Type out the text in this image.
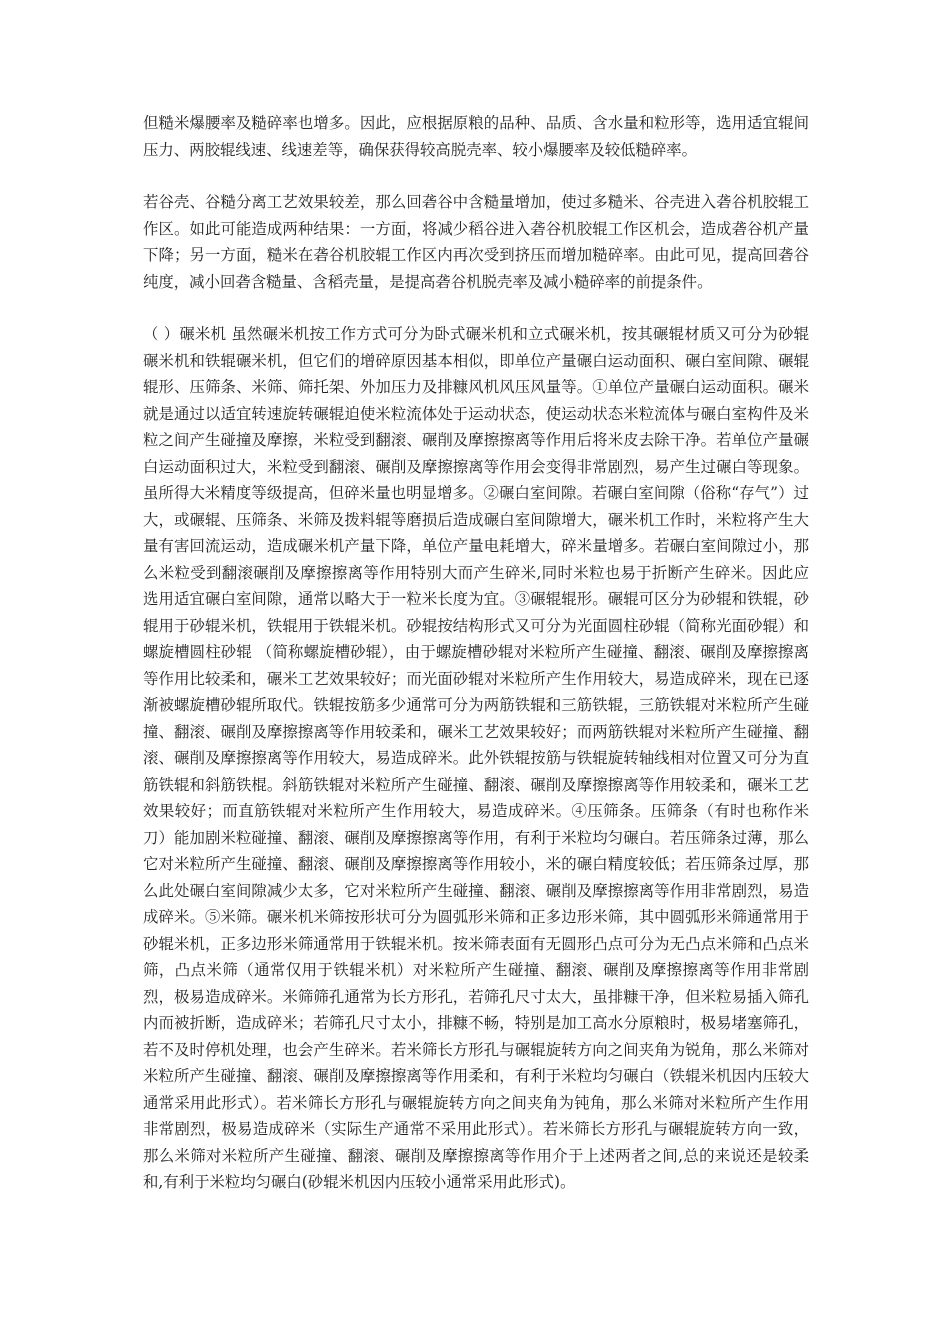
但糙米爆腰率及糙碎率也增多。因此，应根据原粮的品种、品质、含水量和粒形等，选用适宜辊间压力、两胶辊线速、线速差等，确保获得较高脱壳率、较小爆腰率及较低糙碎率。

若谷壳、谷糙分离工艺效果较差，那么回砻谷中含糙量增加，使过多糙米、谷壳进入砻谷机胶辊工作区。如此可能造成两种结果：一方面，将减少稻谷进入砻谷机胶辊工作区机会，造成砻谷机产量下降；另一方面，糙米在砻谷机胶辊工作区内再次受到挤压而增加糙碎率。由此可见，提高回砻谷纯度，减小回砻含糙量、含稻壳量，是提高砻谷机脱壳率及减小糙碎率的前提条件。

（ ）碾米机 虽然碾米机按工作方式可分为卧式碾米机和立式碾米机，按其碾辊材质又可分为砂辊碾米机和铁辊碾米机，但它们的增碎原因基本相似，即单位产量碾白运动面积、碾白室间隙、碾辊辊形、压筛条、米筛、筛托架、外加压力及排糠风机风压风量等。①单位产量碾白运动面积。碾米就是通过以适宜转速旋转碾辊迫使米粒流体处于运动状态，使运动状态米粒流体与碾白室构件及米粒之间产生碰撞及摩擦，米粒受到翻滚、碾削及摩擦擦离等作用后将米皮去除干净。若单位产量碾白运动面积过大，米粒受到翻滚、碾削及摩擦擦离等作用会变得非常剧烈，易产生过碾白等现象。虽所得大米精度等级提高，但碎米量也明显增多。②碾白室间隙。若碾白室间隙（俗称“存气”）过大，或碾辊、压筛条、米筛及拨料辊等磨损后造成碾白室间隙增大，碾米机工作时，米粒将产生大量有害回流运动，造成碾米机产量下降，单位产量电耗增大，碎米量增多。若碾白室间隙过小，那么米粒受到翻滚碾削及摩擦擦离等作用特别大而产生碎米,同时米粒也易于折断产生碎米。因此应选用适宜碾白室间隙，通常以略大于一粒米长度为宜。③碾辊辊形。碾辊可区分为砂辊和铁辊，砂辊用于砂辊米机，铁辊用于铁辊米机。砂辊按结构形式又可分为光面圆柱砂辊（简称光面砂辊）和螺旋槽圆柱砂辊 （简称螺旋槽砂辊），由于螺旋槽砂辊对米粒所产生碰撞、翻滚、碾削及摩擦擦离等作用比较柔和，碾米工艺效果较好；而光面砂辊对米粒所产生作用较大，易造成碎米，现在已逐渐被螺旋槽砂辊所取代。铁辊按筋多少通常可分为两筋铁辊和三筋铁辊，三筋铁辊对米粒所产生碰撞、翻滚、碾削及摩擦擦离等作用较柔和，碾米工艺效果较好；而两筋铁辊对米粒所产生碰撞、翻滚、碾削及摩擦擦离等作用较大，易造成碎米。此外铁辊按筋与铁辊旋转轴线相对位置又可分为直筋铁辊和斜筋铁棍。斜筋铁辊对米粒所产生碰撞、翻滚、碾削及摩擦擦离等作用较柔和，碾米工艺效果较好；而直筋铁辊对米粒所产生作用较大，易造成碎米。④压筛条。压筛条（有时也称作米刀）能加剧米粒碰撞、翻滚、碾削及摩擦擦离等作用，有利于米粒均匀碾白。若压筛条过薄，那么它对米粒所产生碰撞、翻滚、碾削及摩擦擦离等作用较小，米的碾白精度较低；若压筛条过厚，那么此处碾白室间隙减少太多，它对米粒所产生碰撞、翻滚、碾削及摩擦擦离等作用非常剧烈，易造成碎米。⑤米筛。碾米机米筛按形状可分为圆弧形米筛和正多边形米筛，其中圆弧形米筛通常用于砂辊米机，正多边形米筛通常用于铁辊米机。按米筛表面有无圆形凸点可分为无凸点米筛和凸点米筛，凸点米筛（通常仅用于铁辊米机）对米粒所产生碰撞、翻滚、碾削及摩擦擦离等作用非常剧烈，极易造成碎米。米筛筛孔通常为长方形孔，若筛孔尺寸太大，虽排糠干净，但米粒易插入筛孔内而被折断，造成碎米；若筛孔尺寸太小，排糠不畅，特别是加工高水分原粮时，极易堵塞筛孔，若不及时停机处理，也会产生碎米。若米筛长方形孔与碾辊旋转方向之间夹角为锐角，那么米筛对米粒所产生碰撞、翻滚、碾削及摩擦擦离等作用柔和，有利于米粒均匀碾白（铁辊米机因内压较大通常采用此形式）。若米筛长方形孔与碾辊旋转方向之间夹角为钝角，那么米筛对米粒所产生作用非常剧烈，极易造成碎米（实际生产通常不采用此形式）。若米筛长方形孔与碾辊旋转方向一致，那么米筛对米粒所产生碰撞、翻滚、碾削及摩擦擦离等作用介于上述两者之间,总的来说还是较柔和,有利于米粒均匀碾白(砂辊米机因内压较小通常采用此形式)。
